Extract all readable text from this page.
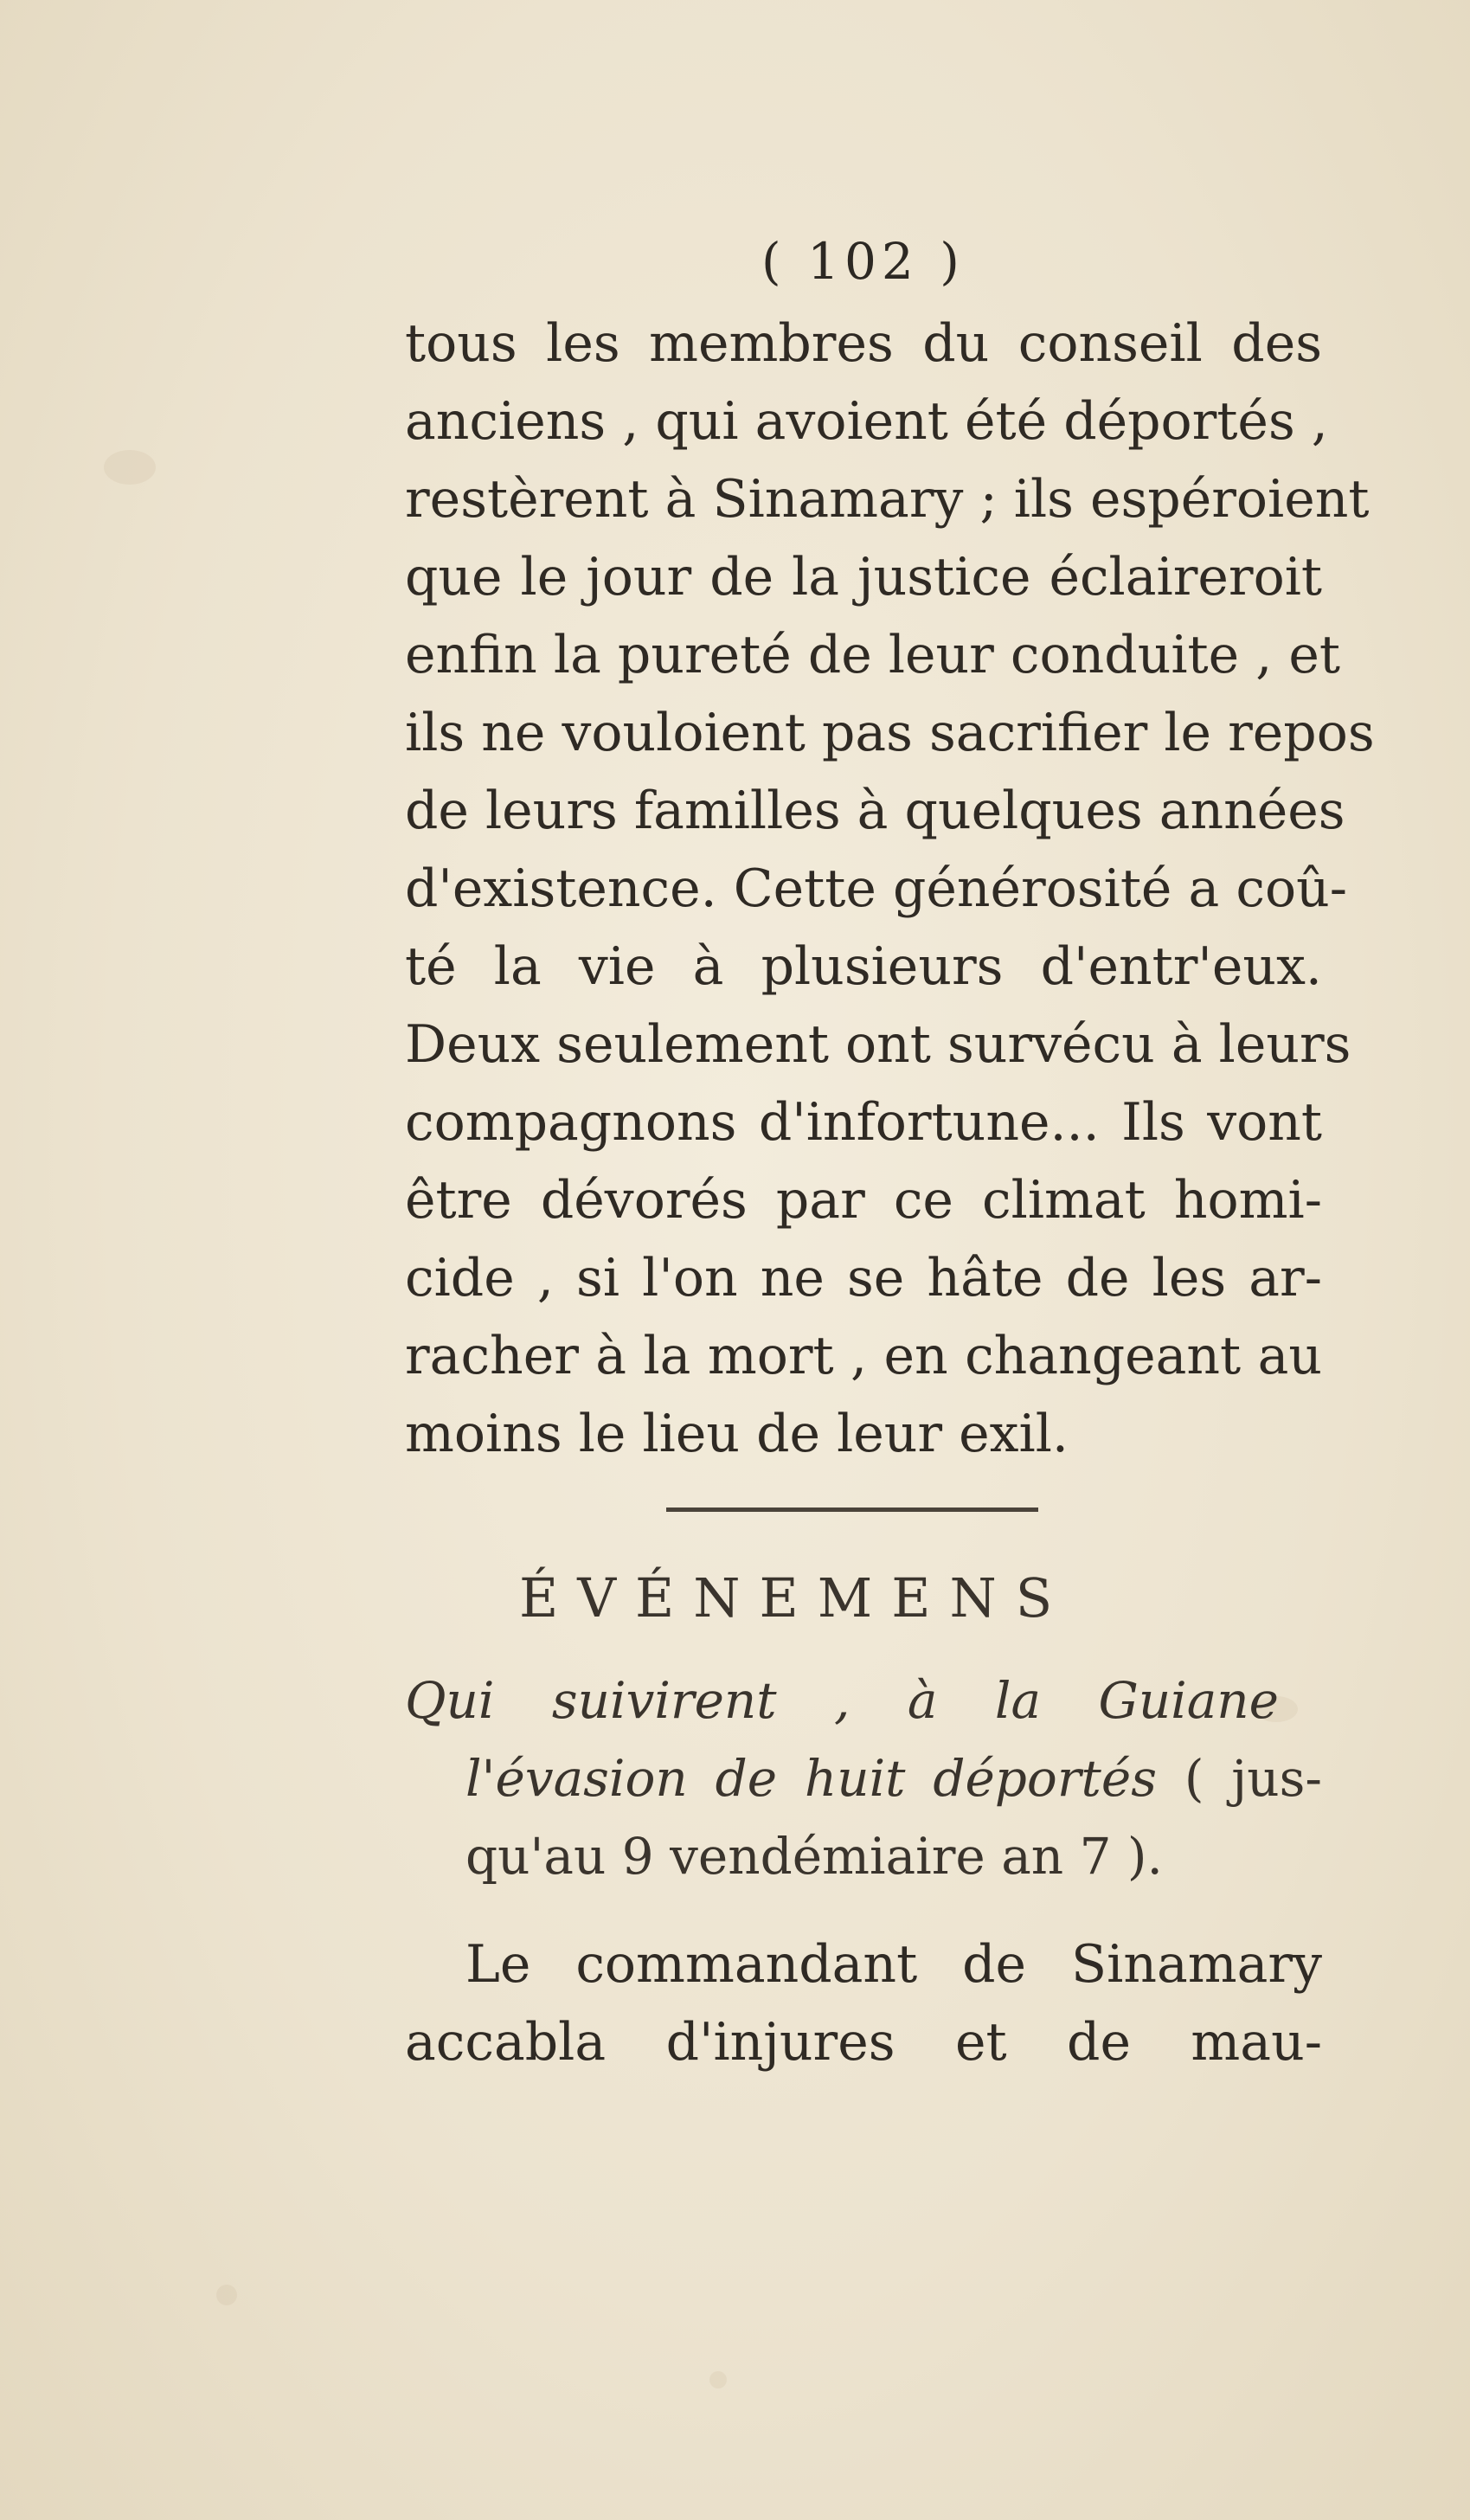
( 102 )
tous les membres du conseil des
anciens , qui avoient été déportés ,
restèrent à Sinamary ; ils espéroient
que le jour de la justice éclaireroit
enfin la pureté de leur conduite , et
ils ne vouloient pas sacrifier le repos
de leurs familles à quelques années
d'existence. Cette générosité a coû-
té la vie à plusieurs d'entr'eux.
Deux seulement ont survécu à leurs
compagnons d'infortune... Ils vont
être dévorés par ce climat homi-
cide , si l'on ne se hâte de les ar-
racher à la mort , en changeant au
moins le lieu de leur exil.
ÉVÉNEMENS
Qui suivirent , à la Guiane
l'évasion de huit déportés ( jus-
qu'au 9 vendémiaire an 7 ).
Le commandant de Sinamary
accabla d'injures et de mau-
